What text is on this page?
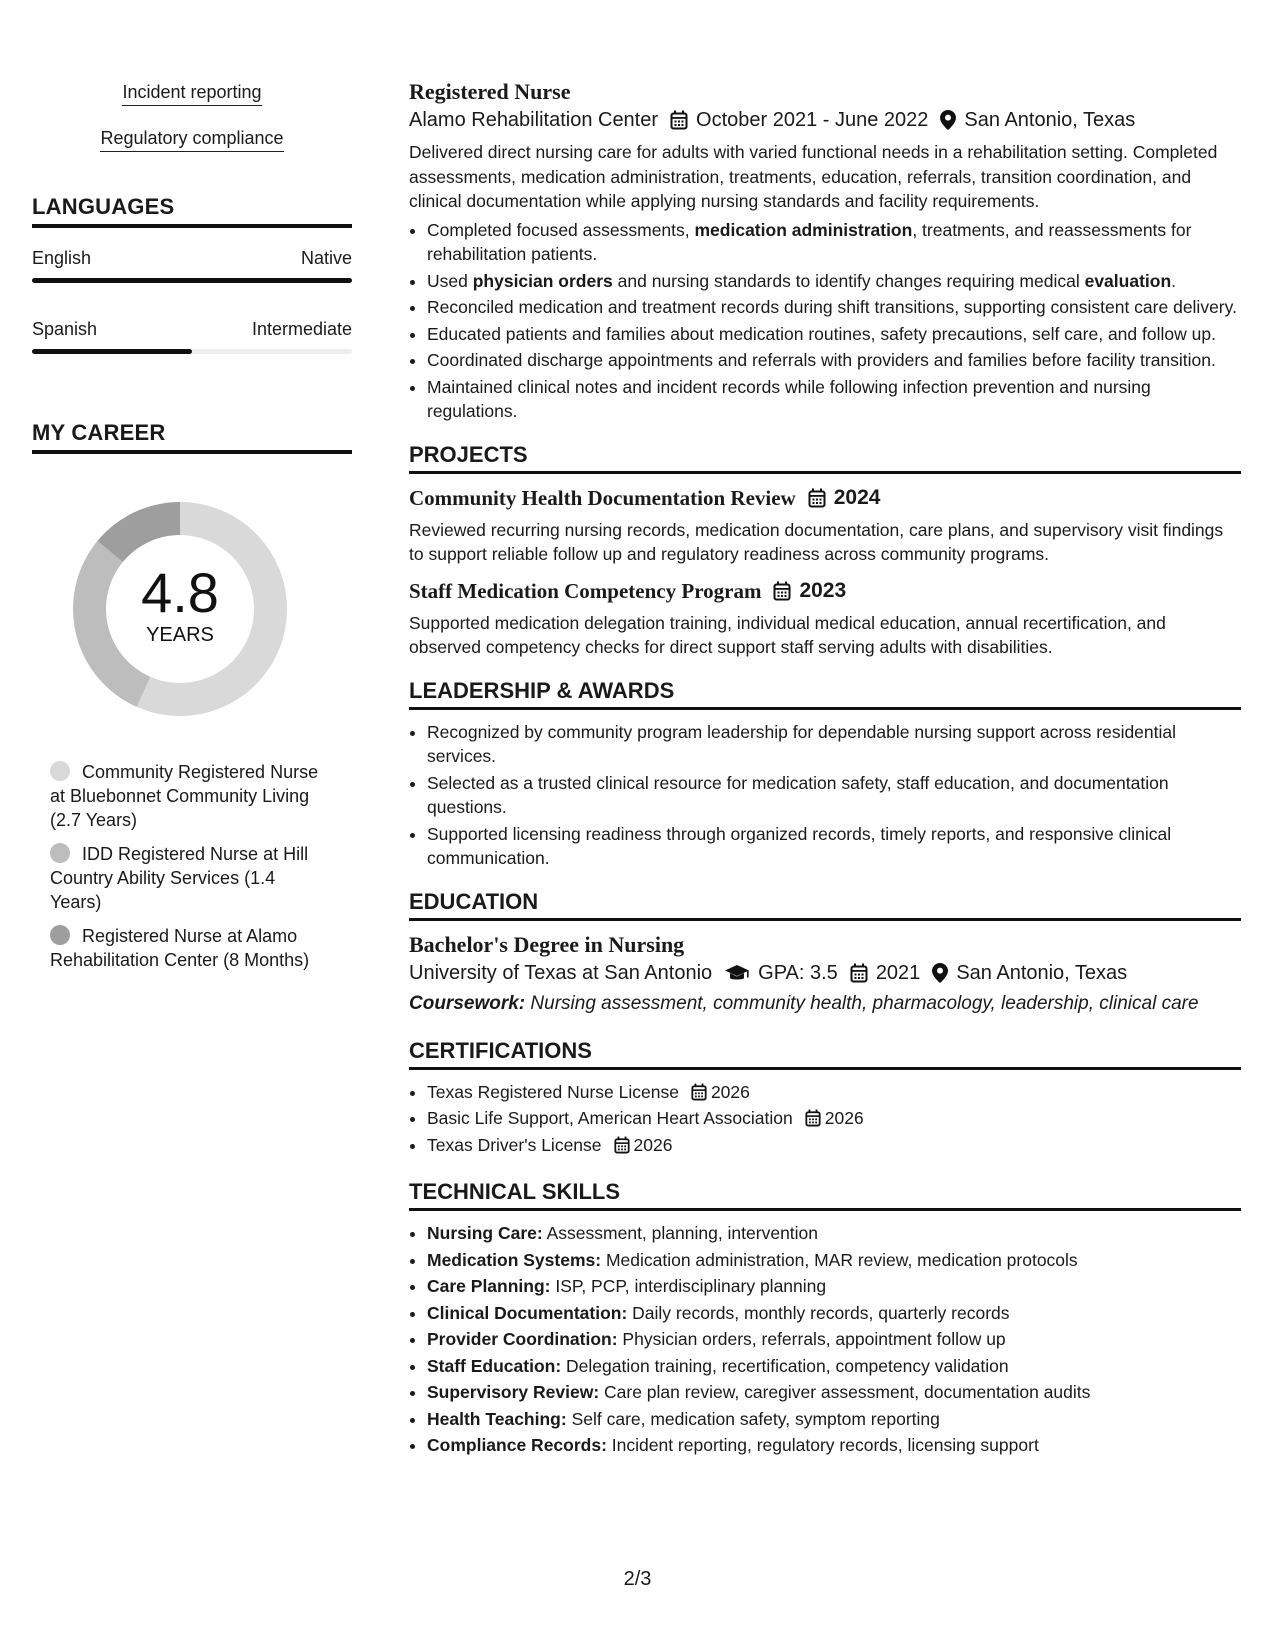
Incident reporting
Regulatory compliance
LANGUAGES
English	Native
Spanish	Intermediate
MY CAREER
4.8
YEARS
Community Registered Nurse at Bluebonnet Community Living (2.7 Years)
IDD Registered Nurse at Hill Country Ability Services (1.4 Years)
Registered Nurse at Alamo Rehabilitation Center (8 Months)
Registered Nurse
Alamo Rehabilitation Center October 2021 - June 2022 San Antonio, Texas
Delivered direct nursing care for adults with varied functional needs in a rehabilitation setting. Completed assessments, medication administration, treatments, education, referrals, transition coordination, and clinical documentation while applying nursing standards and facility requirements.
• Completed focused assessments, medication administration, treatments, and reassessments for rehabilitation patients.
• Used physician orders and nursing standards to identify changes requiring medical evaluation.
• Reconciled medication and treatment records during shift transitions, supporting consistent care delivery.
• Educated patients and families about medication routines, safety precautions, self care, and follow up.
• Coordinated discharge appointments and referrals with providers and families before facility transition.
• Maintained clinical notes and incident records while following infection prevention and nursing regulations.
PROJECTS
Community Health Documentation Review 2024
Reviewed recurring nursing records, medication documentation, care plans, and supervisory visit findings to support reliable follow up and regulatory readiness across community programs.
Staff Medication Competency Program 2023
Supported medication delegation training, individual medical education, annual recertification, and observed competency checks for direct support staff serving adults with disabilities.
LEADERSHIP & AWARDS
• Recognized by community program leadership for dependable nursing support across residential services.
• Selected as a trusted clinical resource for medication safety, staff education, and documentation questions.
• Supported licensing readiness through organized records, timely reports, and responsive clinical communication.
EDUCATION
Bachelor's Degree in Nursing
University of Texas at San Antonio GPA: 3.5 2021 San Antonio, Texas
Coursework: Nursing assessment, community health, pharmacology, leadership, clinical care
CERTIFICATIONS
• Texas Registered Nurse License 2026
• Basic Life Support, American Heart Association 2026
• Texas Driver's License 2026
TECHNICAL SKILLS
• Nursing Care: Assessment, planning, intervention
• Medication Systems: Medication administration, MAR review, medication protocols
• Care Planning: ISP, PCP, interdisciplinary planning
• Clinical Documentation: Daily records, monthly records, quarterly records
• Provider Coordination: Physician orders, referrals, appointment follow up
• Staff Education: Delegation training, recertification, competency validation
• Supervisory Review: Care plan review, caregiver assessment, documentation audits
• Health Teaching: Self care, medication safety, symptom reporting
• Compliance Records: Incident reporting, regulatory records, licensing support
2/3
